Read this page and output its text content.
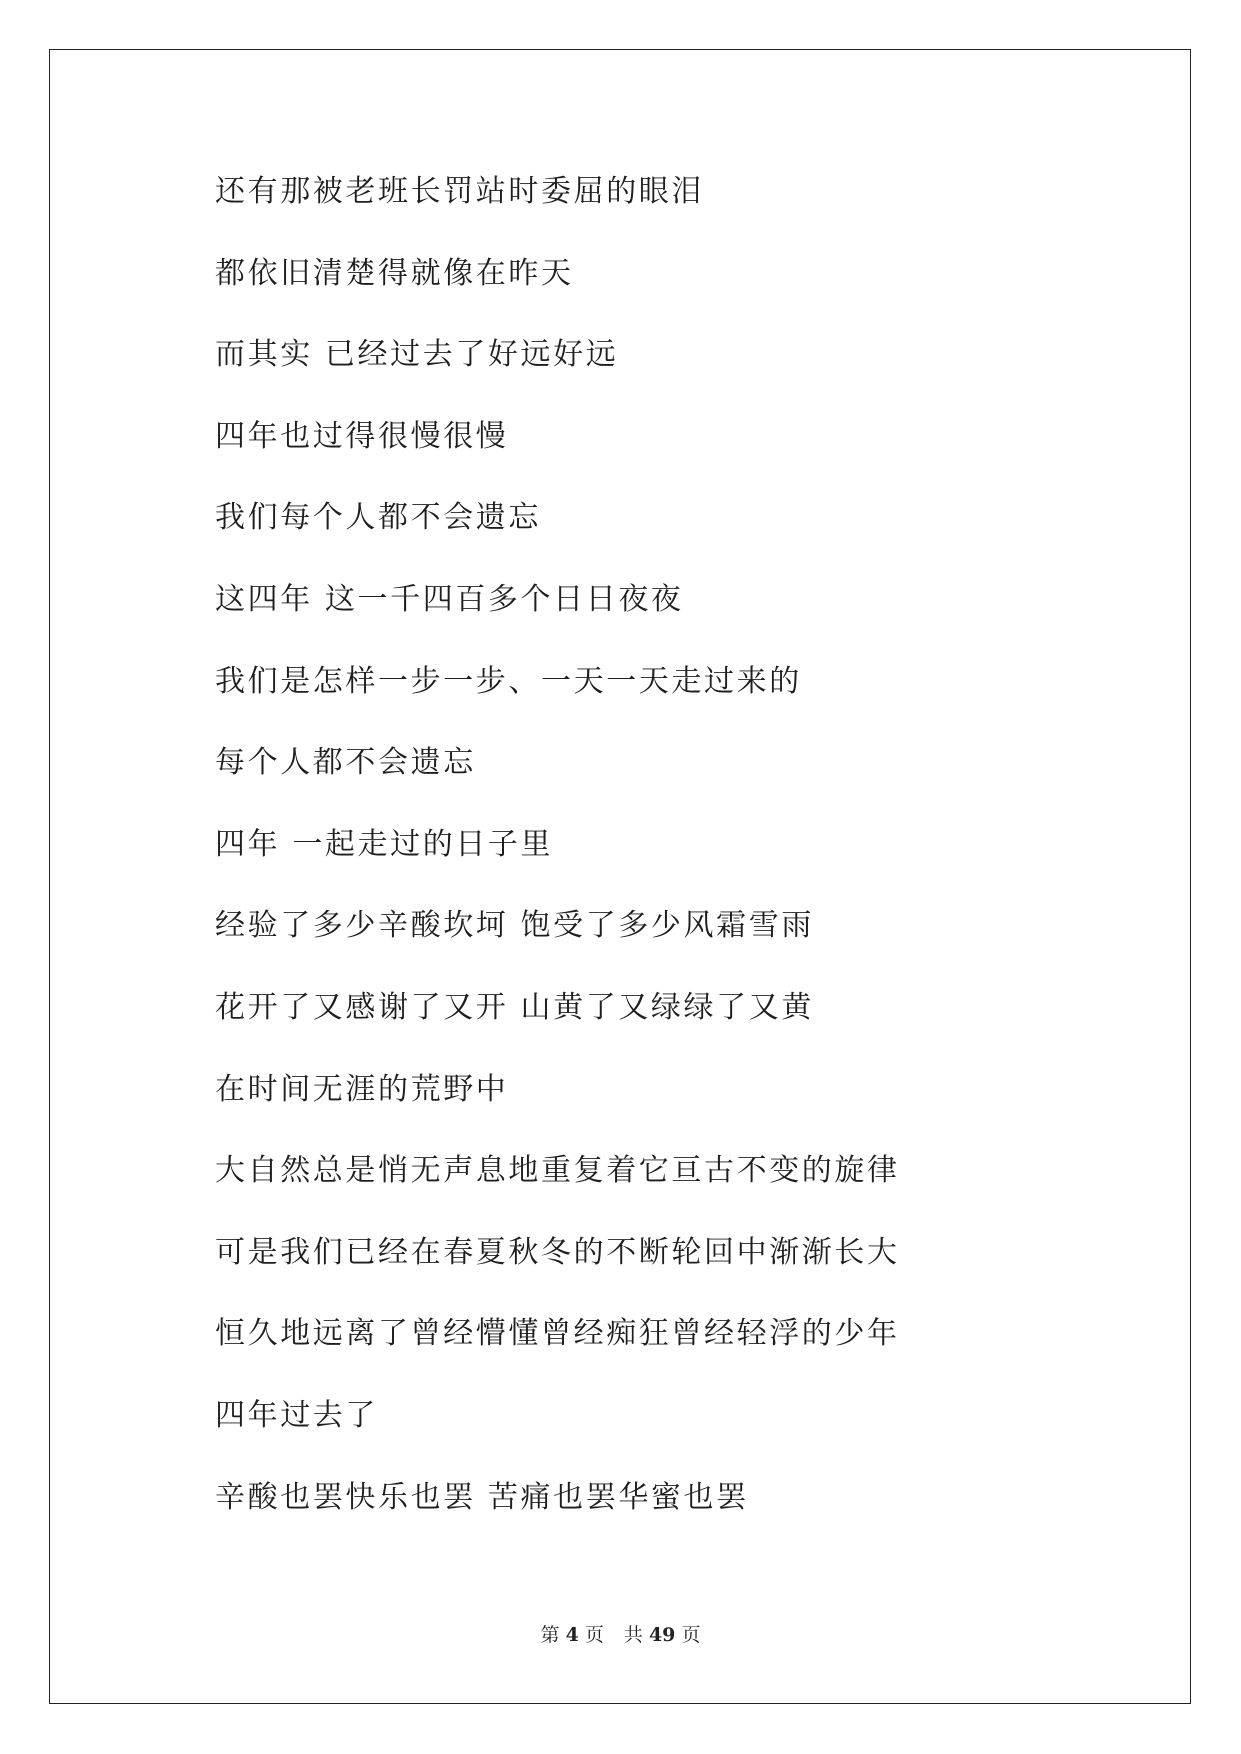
还有那被老班长罚站时委屈的眼泪
都依旧清楚得就像在昨天
而其实 已经过去了好远好远
四年也过得很慢很慢
我们每个人都不会遗忘
这四年 这一千四百多个日日夜夜
我们是怎样一步一步、一天一天走过来的
每个人都不会遗忘
四年 一起走过的日子里
经验了多少辛酸坎坷 饱受了多少风霜雪雨
花开了又感谢了又开 山黄了又绿绿了又黄
在时间无涯的荒野中
大自然总是悄无声息地重复着它亘古不变的旋律
可是我们已经在春夏秋冬的不断轮回中渐渐长大
恒久地远离了曾经懵懂曾经痴狂曾经轻浮的少年
四年过去了
辛酸也罢快乐也罢 苦痛也罢华蜜也罢
第 4 页 共 49 页
